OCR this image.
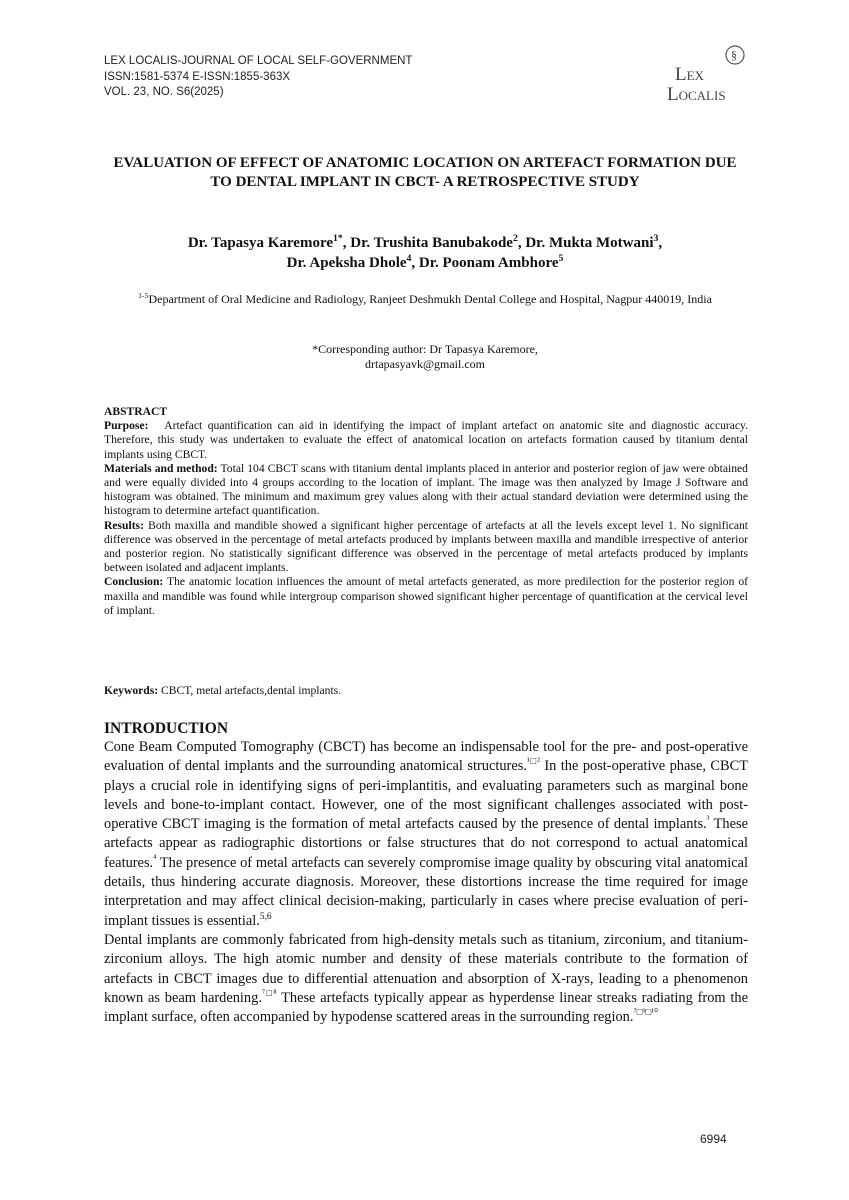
LEX LOCALIS-JOURNAL OF LOCAL SELF-GOVERNMENT
ISSN:1581-5374 E-ISSN:1855-363X
VOL. 23, NO. S6(2025)
§
Lex
Localis
EVALUATION OF EFFECT OF ANATOMIC LOCATION ON ARTEFACT FORMATION DUE TO DENTAL IMPLANT IN CBCT- A RETROSPECTIVE STUDY
Dr. Tapasya Karemore$^{1*}$, Dr. Trushita Banubakode$^2$, Dr. Mukta Motwani$^3$,
Dr. Apeksha Dhole$^4$, Dr. Poonam Ambhore$^5$
$^{1-5}$Department of Oral Medicine and Radiology, Ranjeet Deshmukh Dental College and Hospital, Nagpur 440019, India
*Corresponding author: Dr Tapasya Karemore,
drtapasyavk@gmail.com

ABSTRACT

Purpose: Artefact quantification can aid in identifying the impact of implant artefact on anatomic site and diagnostic accuracy. Therefore, this study was undertaken to evaluate the effect of anatomical location on artefacts formation caused by titanium dental implants using CBCT.

Materials and method: Total 104 CBCT scans with titanium dental implants placed in anterior and posterior region of jaw were obtained and were equally divided into 4 groups according to the location of implant. The image was then analyzed by Image J Software and histogram was obtained. The minimum and maximum grey values along with their actual standard deviation were determined using the histogram to determine artefact quantification.

Results: Both maxilla and mandible showed a significant higher percentage of artefacts at all the levels except level 1. No significant difference was observed in the percentage of metal artefacts produced by implants between maxilla and mandible irrespective of anterior and posterior region. No statistically significant difference was observed in the percentage of metal artefacts produced by implants between isolated and adjacent implants.

Conclusion: The anatomic location influences the amount of metal artefacts generated, as more predilection for the posterior region of maxilla and mandible was found while intergroup comparison showed significant higher percentage of quantification at the cervical level of implant.

Keywords: CBCT, metal artefacts,dental implants.
INTRODUCTION

Cone Beam Computed Tomography (CBCT) has become an indispensable tool for the pre- and post-operative evaluation of dental implants and the surrounding anatomical structures.$^{^1□^2}$ In the post-operative phase, CBCT plays a crucial role in identifying signs of peri-implantitis, and evaluating parameters such as marginal bone levels and bone-to-implant contact. However, one of the most significant challenges associated with post-operative CBCT imaging is the formation of metal artefacts caused by the presence of dental implants.$^{^3}$ These artefacts appear as radiographic distortions or false structures that do not correspond to actual anatomical features.$^{^4}$ The presence of metal artefacts can severely compromise image quality by obscuring vital anatomical details, thus hindering accurate diagnosis. Moreover, these distortions increase the time required for image interpretation and may affect clinical decision-making, particularly in cases where precise evaluation of peri-implant tissues is essential.$^{5,6}$

Dental implants are commonly fabricated from high-density metals such as titanium, zirconium, and titanium-zirconium alloys. The high atomic number and density of these materials contribute to the formation of artefacts in CBCT images due to differential attenuation and absorption of X-rays, leading to a phenomenon known as beam hardening.$^{^7□^8}$ These artefacts typically appear as hyperdense linear streaks radiating from the implant surface, often accompanied by hypodense scattered areas in the surrounding region.$^{^7□^9□^{10}}$

6994
